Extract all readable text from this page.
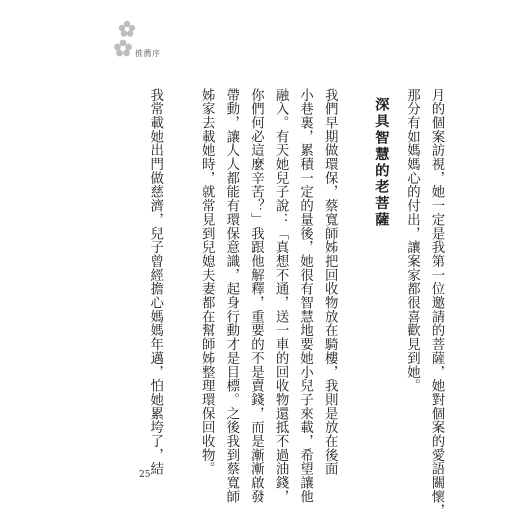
推薦序
月的個案訪視，她一定是我第一位邀請的菩薩，她對個案的愛語關懷，
那分有如媽媽心的付出，讓案家都很喜歡見到她。
深具智慧的老菩薩
我們早期做環保，蔡寬師姊把回收物放在騎樓，我則是放在後面
小巷裏，累積一定的量後，她很有智慧地要她小兒子來載，希望讓他
融入。有天她兒子說：「真想不通，送一車的回收物還抵不過油錢，
你們何必這麼辛苦？」我跟他解釋，重要的不是賣錢，而是漸漸啟發
帶動，讓人人都能有環保意識，起身行動才是目標。之後我到蔡寬師
姊家去載她時，就常見到兒媳夫妻都在幫師姊整理環保回收物。
我常載她出門做慈濟，兒子曾經擔心媽媽年邁，怕她累垮了，結
25
